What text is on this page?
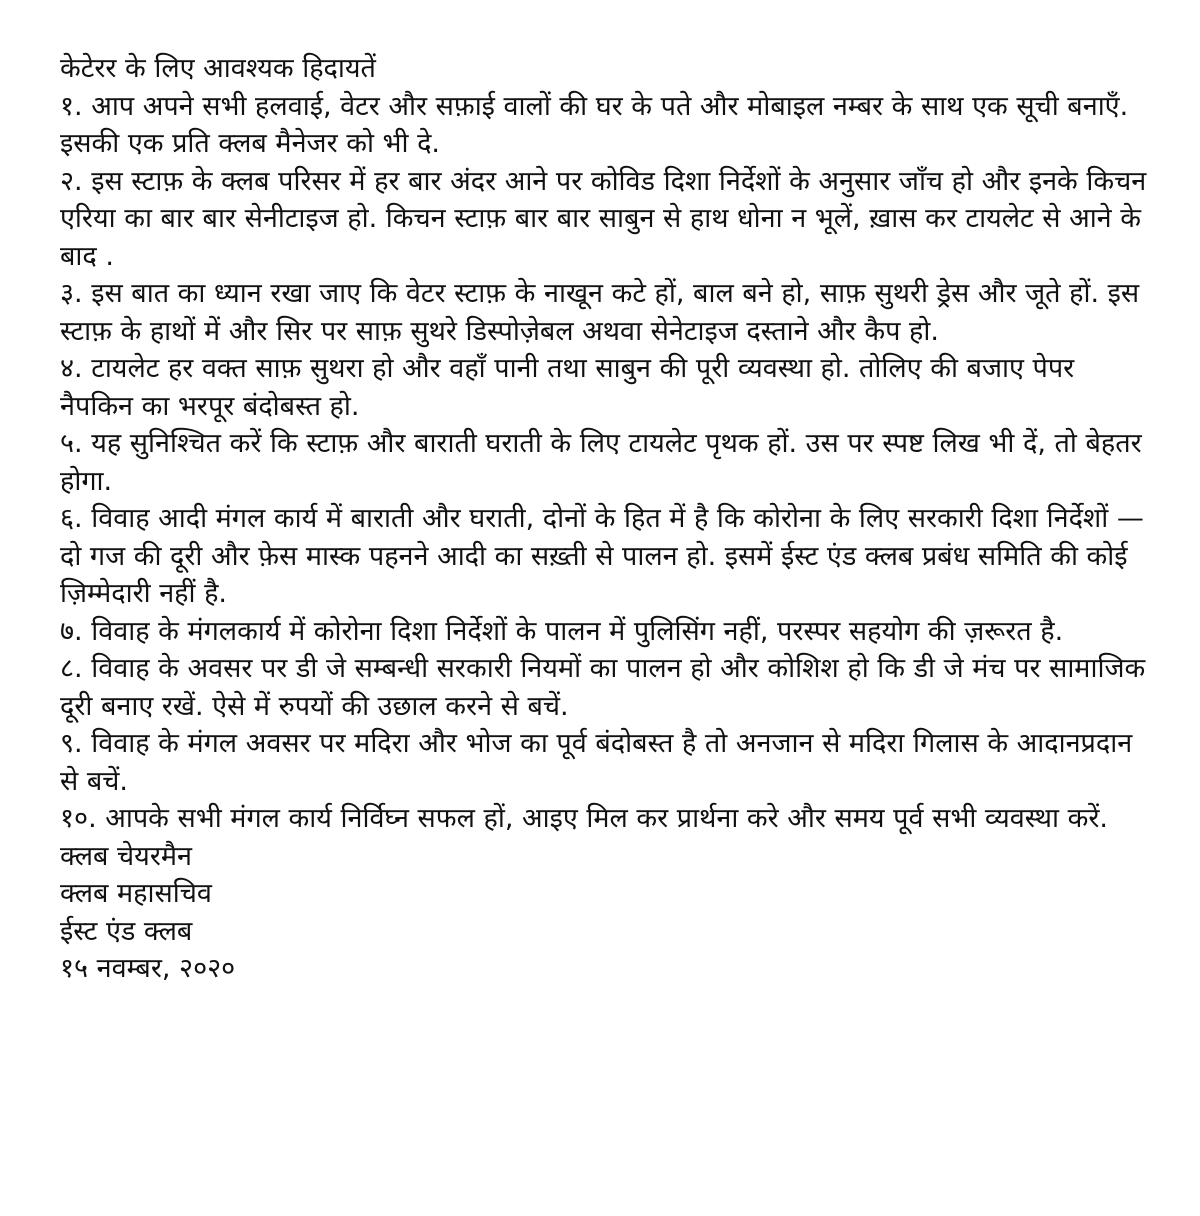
केटेरर के लिए आवश्यक हिदायतें

१. आप अपने सभी हलवाई, वेटर और सफ़ाई वालों की घर के पते और मोबाइल नम्बर के साथ एक सूची बनाएँ. इसकी एक प्रति क्लब मैनेजर को भी दे.

२. इस स्टाफ़ के क्लब परिसर में हर बार अंदर आने पर कोविड दिशा निर्देशों के अनुसार जाँच हो और इनके किचन एरिया का बार बार सेनीटाइज हो. किचन स्टाफ़ बार बार साबुन से हाथ धोना न भूलें, ख़ास कर टायलेट से आने के बाद .

३. इस बात का ध्यान रखा जाए कि वेटर स्टाफ़ के नाखून कटे हों, बाल बने हो, साफ़ सुथरी ड्रेस और जूते हों. इस स्टाफ़ के हाथों में और सिर पर साफ़ सुथरे डिस्पोज़ेबल अथवा सेनेटाइज दस्ताने और कैप हो.

४. टायलेट हर वक्त साफ़ सुथरा हो और वहाँ पानी तथा साबुन की पूरी व्यवस्था हो. तोलिए की बजाए पेपर नैपकिन का भरपूर बंदोबस्त हो.

५. यह सुनिश्चित करें कि स्टाफ़ और बाराती घराती के लिए टायलेट पृथक हों. उस पर स्पष्ट लिख भी दें, तो बेहतर होगा.

६. विवाह आदी मंगल कार्य में बाराती और घराती, दोनों के हित में है कि कोरोना के लिए सरकारी दिशा निर्देशों —दो गज की दूरी और फ़ेस मास्क पहनने आदी का सख़्ती से पालन हो. इसमें ईस्ट एंड क्लब प्रबंध समिति की कोई ज़िम्मेदारी नहीं है.

७. विवाह के मंगलकार्य में कोरोना दिशा निर्देशों के पालन में पुलिसिंग नहीं, परस्पर सहयोग की ज़रूरत है.

८. विवाह के अवसर पर डी जे सम्बन्धी सरकारी नियमों का पालन हो और कोशिश हो कि डी जे मंच पर सामाजिक दूरी बनाए रखें. ऐसे में रुपयों की उछाल करने से बचें.

९. विवाह के मंगल अवसर पर मदिरा और भोज का पूर्व बंदोबस्त है तो अनजान से मदिरा गिलास के आदानप्रदान से बचें.

१०. आपके सभी मंगल कार्य निर्विघ्न सफल हों, आइए मिल कर प्रार्थना करे और समय पूर्व सभी व्यवस्था करें.

क्लब चेयरमैन

क्लब महासचिव

ईस्ट एंड क्लब

१५ नवम्बर, २०२०
